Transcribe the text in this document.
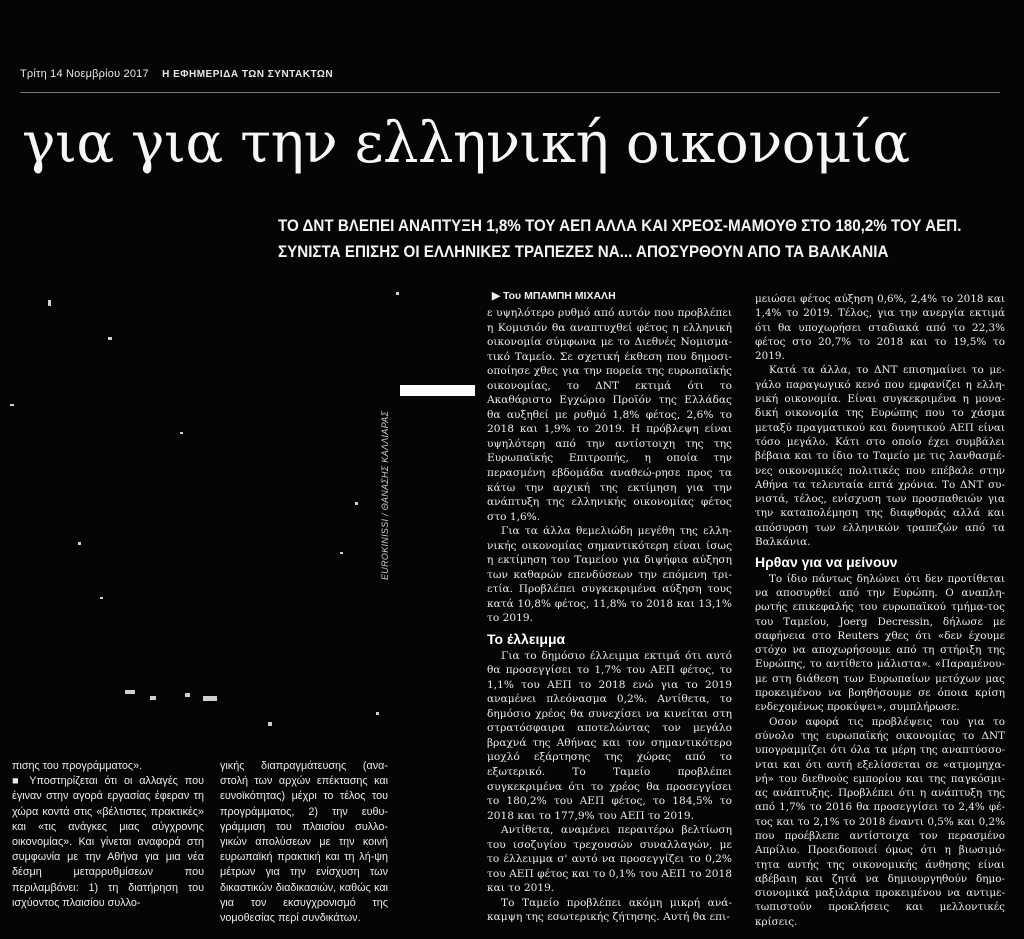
Τρίτη 14 Νοεμβρίου 2017 Η ΕΦΗΜΕΡΙΔΑ ΤΩΝ ΣΥΝΤΑΚΤΩΝ
για για την ελληνική οικονομία
ΤΟ ΔΝΤ ΒΛΕΠΕΙ ΑΝΑΠΤΥΞΗ 1,8% ΤΟΥ ΑΕΠ ΑΛΛΑ ΚΑΙ ΧΡΕΟΣ-ΜΑΜΟΥΘ ΣΤΟ 180,2% ΤΟΥ ΑΕΠ.
ΣΥΝΙΣΤΑ ΕΠΙΣΗΣ ΟΙ ΕΛΛΗΝΙΚΕΣ ΤΡΑΠΕΖΕΣ ΝΑ... ΑΠΟΣΥΡΘΟΥΝ ΑΠΟ ΤΑ ΒΑΛΚΑΝΙΑ
EUROKINISSI / ΘΑΝΑΣΗΣ ΚΑΛΛΙΑΡΑΣ

πισης του προγράμματος».

■ Υποστηρίζεται ότι οι αλλαγές που έγιναν στην αγορά εργασίας έφεραν τη χώρα κοντά στις «βέλτιστες πρακτικές» και «τις ανάγκες μιας σύγχρονης οικονομίας». Και γίνεται αναφορά στη συμφωνία με την Αθήνα για μια νέα δέσμη μεταρρυθμίσεων που περιλαμβάνει: 1) τη διατήρηση του ισχύοντος πλαισίου συλλο-

γικής διαπραγμάτευσης (ανα-στολή των αρχών επέκτασης και ευνοϊκότητας) μέχρι το τέλος του προγράμματος, 2) την ευθυ-γράμμιση του πλαισίου συλλο-γικών απολύσεων με την κοινή ευρωπαϊκή πρακτική και τη λή-ψη μέτρων για την ενίσχυση των δικαστικών διαδικασιών, καθώς και για τον εκσυγχρονισμό της νομοθεσίας περί συνδικάτων.

▶ Του ΜΠΑΜΠΗ ΜΙΧΑΛΗ

ε υψηλότερο ρυθμό από αυτόν που προβλέπει η Κομισιόν θα αναπτυχθεί φέτος η ελληνική οικονομία σύμφωνα με το Διεθνές Νομισμα-τικό Ταμείο. Σε σχετική έκθεση που δημοσι-οποίησε χθες για την πορεία της ευρωπαϊκής οικονομίας, το ΔΝΤ εκτιμά ότι το Ακαθάριστο Εγχώριο Προϊόν της Ελλάδας θα αυξηθεί με ρυθμό 1,8% φέτος, 2,6% το 2018 και 1,9% το 2019. Η πρόβλεψη είναι υψηλότερη από την αντίστοιχη της της Ευρωπαϊκής Επιτροπής, η οποία την περασμένη εβδομάδα αναθεώ-ρησε προς τα κάτω την αρχική της εκτίμηση για την ανάπτυξη της ελληνικής οικονομίας φέτος στο 1,6%.

Για τα άλλα θεμελιώδη μεγέθη της ελλη-νικής οικονομίας σημαντικότερη είναι ίσως η εκτίμηση του Ταμείου για διψήφια αύξηση των καθαρών επενδύσεων την επόμενη τρι-ετία. Προβλέπει συγκεκριμένα αύξηση τους κατά 10,8% φέτος, 11,8% το 2018 και 13,1% το 2019.

Το έλλειμμα

Για το δημόσιο έλλειμμα εκτιμά ότι αυτό θα προσεγγίσει το 1,7% του ΑΕΠ φέτος, το 1,1% του ΑΕΠ το 2018 ενώ για το 2019 αναμένει πλεόνασμα 0,2%. Αντίθετα, το δημόσιο χρέος θα συνεχίσει να κινείται στη στρατόσφαιρα αποτελώντας τον μεγάλο βραχνά της Αθήνας και τον σημαντικότερο μοχλό εξάρτησης της χώρας από το εξωτερικό. Το Ταμείο προβλέπει συγκεκριμένα ότι το χρέος θα προσεγγίσει το 180,2% του ΑΕΠ φέτος, το 184,5% το 2018 και το 177,9% του ΑΕΠ το 2019.

Αντίθετα, αναμένει περαιτέρω βελτίωση του ισοζυγίου τρεχουσών συναλλαγών, με το έλλειμμα σ' αυτό να προσεγγίζει το 0,2% του ΑΕΠ φέτος και το 0,1% του ΑΕΠ το 2018 και το 2019.

Το Ταμείο προβλέπει ακόμη μικρή ανά-καμψη της εσωτερικής ζήτησης. Αυτή θα επι-

μειώσει φέτος αύξηση 0,6%, 2,4% το 2018 και 1,4% το 2019. Τέλος, για την ανεργία εκτιμά ότι θα υποχωρήσει σταδιακά από το 22,3% φέτος στο 20,7% το 2018 και το 19,5% το 2019.

Κατά τα άλλα, το ΔΝΤ επισημαίνει το με-γάλο παραγωγικό κενό που εμφανίζει η ελλη-νική οικονομία. Είναι συγκεκριμένα η μονα-δική οικονομία της Ευρώπης που το χάσμα μεταξύ πραγματικού και δυνητικού ΑΕΠ είναι τόσο μεγάλο. Κάτι στο οποίο έχει συμβάλει βέβαια και το ίδιο το Ταμείο με τις λανθασμέ-νες οικονομικές πολιτικές που επέβαλε στην Αθήνα τα τελευταία επτά χρόνια. Το ΔΝΤ συ-νιστά, τέλος, ενίσχυση των προσπαθειών για την καταπολέμηση της διαφθοράς αλλά και απόσυρση των ελληνικών τραπεζών από τα Βαλκάνια.

Ηρθαν για να μείνουν

Το ίδιο πάντως δηλώνει ότι δεν προτίθεται να αποσυρθεί από την Ευρώπη. Ο αναπλη-ρωτής επικεφαλής του ευρωπαϊκού τμήμα-τος του Ταμείου, Joerg Decressin, δήλωσε με σαφήνεια στο Reuters χθες ότι «δεν έχουμε στόχο να αποχωρήσουμε από τη στήριξη της Ευρώπης, το αντίθετο μάλιστα». «Παραμένου-με στη διάθεση των Ευρωπαίων μετόχων μας προκειμένου να βοηθήσουμε σε όποια κρίση ενδεχομένως προκύψει», συμπλήρωσε.

Οσον αφορά τις προβλέψεις του για το σύνολο της ευρωπαϊκής οικονομίας το ΔΝΤ υπογραμμίζει ότι όλα τα μέρη της αναπτύσσο-νται και ότι αυτή εξελίσσεται σε «ατμομηχα-νή» του διεθνούς εμπορίου και της παγκόσμι-ας ανάπτυξης. Προβλέπει ότι η ανάπτυξη της από 1,7% το 2016 θα προσεγγίσει το 2,4% φέ-τος και το 2,1% το 2018 έναντι 0,5% και 0,2% που προέβλεπε αντίστοιχα τον περασμένο Απρίλιο. Προειδοποιεί όμως ότι η βιωσιμό-τητα αυτής της οικονομικής άνθησης είναι αβέβαιη και ζητά να δημιουργηθούν δημο-σιονομικά μαξιλάρια προκειμένου να αντιμε-τωπιστούν προκλήσεις και μελλοντικές κρίσεις.
